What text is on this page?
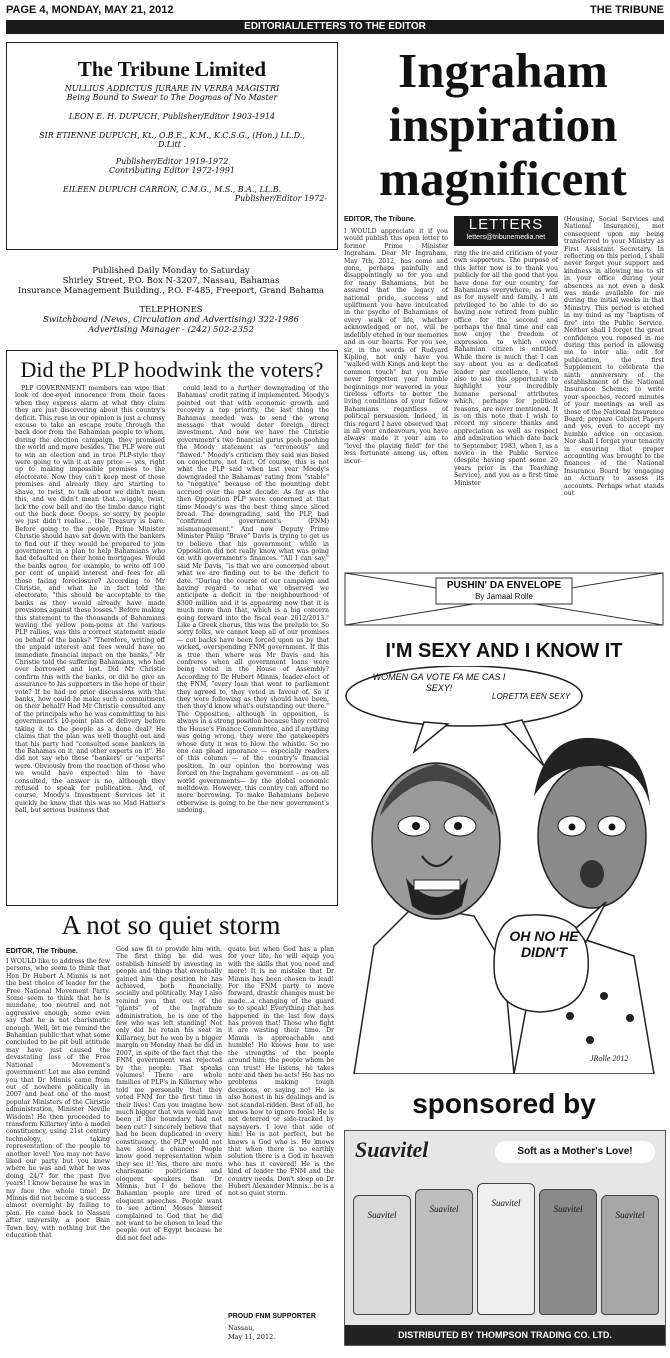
PAGE 4, MONDAY, MAY 21, 2012	THE TRIBUNE
EDITORIAL/LETTERS TO THE EDITOR
The Tribune Limited
NULLIUS ADDICTUS JURARE IN VERBA MAGISTRI
Being Bound to Swear to The Dogmas of No Master
LEON E. H. DUPUCH, Publisher/Editor 1903-1914
SIR ETIENNE DUPUCH, Kt., O.B.E., K.M., K.C.S.G., (Hon.) LL.D., D.Litt .
Publisher/Editor 1919-1972
Contributing Editor 1972-1991
EILEEN DUPUCH CARRON, C.M.G., M.S., B.A., LL.B.
Publisher/Editor 1972-
Published Daily Monday to Saturday
Shirley Street, P.O. Box N-3207, Nassau, Bahamas
Insurance Management Building., P.O. F-485, Freeport, Grand Bahama
TELEPHONES
Switchboard (News, Circulation and Advertising) 322-1986
Advertising Manager - (242) 502-2352
Did the PLP hoodwink the voters?
PLP GOVERNMENT members can wipe that look of doe-eyed innocence from their faces when they express alarm at what they claim they are just discovering about this country's deficit. This ruse in our opinion is just a clumsy excuse to take an escape route through the back door from the Bahamian people to whom, during the election campaign, they promised the world and more besides. The PLP were out to win an election and in true PLP-style they were going to win it at any price — yes, right up to making impossible promises to the electorate. Now they can't keep most of those promises and already they are starting to shave, to twist, to talk about we didn't mean this, and we didn't mean that...wiggle, twist, lick the cow bell and do the limbo dance right out the back door. Ooops, so sorry, by people we just didn't realise... the Treasury is bare. Before going to the people, Prime Minister Christie should have sat down with the bankers to find out if they would be prepared to join government in a plan to help Bahamians who had defaulted on their home mortgages. Would the banks agree, for example, to write off 100 per cent of unpaid interest and fees for all those facing foreclosure? According to Mr Christie, and what he in fact told the electorate, "this should be acceptable to the banks as they would already have made provisions against these losses." Before making this statement to the thousands of Bahamians waving the yellow pom-poms at the various PLP rallies, was this a correct statement made on behalf of the banks? "Therefore, writing off the unpaid interest and fees would have no immediate financial impact on the banks," Mr Christie told the suffering Bahamians, who had over borrowed and lost. Did Mr Christie confirm this with the banks, or did he give an assurance to his supporters in the hope of their vote? If he had no prior discussions with the banks, how could he make such a commitment on their behalf? Had Mr Christie consulted any of the principals who he was committing to his government's 10-point plan of delivery before taking it to the people as a done deal? He claims that the plan was well thought out and that his party had "consulted some bankers in the Bahamas on it, and other experts on it". He did not say who these "bankers" or "experts" were. Obviously from the reaction of those who we would have expected him to have consulted, the answer is no, although they refused to speak for publication. And, of course, Moody's Investment Services let it quickly be know that this was no Mad Hatter's ball, but serious business that
could lead to a further downgrading of the Bahamas' credit rating if implemented. Moody's pointed out that with economic growth and recovery a top priority, the last thing the Bahamas needed was to send the wrong message that would deter foreign direct investment. And now we have the Christie government's two financial gurus pooh-poohing the Moody statement as "erroneous" and "flawed." Moody's criticism they said was based on conjecture, not fact. Of course, this is not what the PLP said when last year Moody's downgraded the Bahamas' rating from "stable" to "negative" because of the mounting debt accrued over the past decade. As far as the then Opposition PLP were concerned at that time Moody's was the best thing since sliced bread. The downgrading, said the PLP, had "confirmed government's (FNM) mismanagement." And now Deputy Prime Minister Philip "Brave" Davis is trying to get us to believe that his government, while in Opposition did not really know what was going on with government's finances. "All I can say," said Mr Davis, "is that we are concerned about what we are finding out to be the deficit to date. "During the course of our campaign and having regard to what we observed we anticipate a deficit in the neighbourhood of $300 million and it is appearing now that it is much more than that, which is a big concern going forward into the fiscal year 2012/2013." Like a Greek chorus, this was the prelude to: So sorry folks, we cannot keep all of our promises — cut backs have been forced upon us by that wicked, overspending FNM government. If this is true then where was Mr Davis and his confreres when all government loans were being voted in the House of Assembly? According to Dr Hubert Minnis, leader-elect of the FNM, "every loan that went to parliament they agreed to, they voted in favour of. So if they were following as they should have been, then they'd know what's outstanding out there." The Opposition, although in opposition, is always in a strong position because they control the House's Finance Committee, and if anything was going wrong, they were the gatekeepers whose duty it was to blow the whistle. So no one can plead ignorance — especially readers of this column — of the country's financial position. In our opinion the borrowing was forced on the Ingraham government – as on all world governments— by the global economic meltdown. However, this country can afford no more borrowing. To make Bahamians believe otherwise is going to be the new government's undoing.
A not so quiet storm
EDITOR, The Tribune.
I WOULD like to address the few persons, who seem to think that Hon Dr Hubert A Minnis is not the best choice of leader for the Free National Movement Party. Some seem to think that he is mundane, too neutral and not aggressive enough, some even say that he is not charismatic enough. Well, let me remind the Bahamian public that what some concluded to be pit bull attitude may have just caused the devastating loss of the Free National Movement's government! Let me also remind you that Dr Minnis came from out of nowhere politically in 2007 and beat one of the most popular Ministers of the Christie administration, Minister Neville Wisdom! He then proceeded to transform Killarney into a model constituency, using 21st century technology, taking representation of the people to another level! You may not have liked our party but you knew where he was and what he was doing 24/7 for the past five years! I know because he was in my face the whole time! Dr Minnis did not become a success almost overnight by failing to plan. He came back to Nassau after university, a poor Bain Town boy, with nothing but the education that
God saw fit to provide him with. The first thing he did was establish himself by investing in people and things that eventually gained him the position he has achieved, both financially, socially and politically. May I also remind you that out of the "giants" of the Ingraham administration, he is one of the few who was left standing! Not only did he retain his seat in Killarney, but he won by a bigger margin on Monday than he did in 2007, in spite of the fact that the FNM government was rejected by the people. That speaks volumes! There are whole families of PLP's in Killarney who told me personally that they voted FNM for the first time in their lives! Can you imagine how much bigger that win would have been if the boundary had not been cut? I sincerely believe that had he been duplicated in every constituency, the PLP would not have stood a chance! People know good representation when they see it! Yes, there are more charismatic politicians and eloquent speakers than Dr Minnis, but I do believe the Bahamian people are tired of eloquent speeches. People want to see action! Moses himself complained to God that he did not want to be chosen to lead the people out of Egypt because he did not feel ade-
quate but when God has a plan for your life, he will equip you with the skills that you need and more! It is no mistake that Dr Minnis has been chosen to lead! For the FNM party to move forward, drastic changes must be made...a changing of the guard so to speak! Everything that has happened in the last few days has proven that! Those who fight it are wasting their time. Dr Minnis is approachable and humble! He knows how to use the strengths of the people around him; the people whom he can trust! He listens, he takes note and then he acts! He has no problems making tough decisions, or saying no! He is also honest in his dealings and is not scandal-ridden. Best of all, he knows how to ignore fools! He is not deterred or side-tracked by naysayers. I love that side of him! He is not perfect, but he knows a God who is. He knows that when there is no earthly solution there is a God in heaven who has it covered! He is the kind of leader the FNM and the country needs. Don't sleep on Dr Hubert Alexander Minnis...he is a not so quiet storm.
PROUD FNM SUPPORTER
Nassau,
May 11, 2012.
Ingraham inspiration magnificent
EDITOR, The Tribune.
I WOULD appreciate it if you would publish this open letter to former Prime Minister Ingraham. Dear Mr Ingraham, May 7th, 2012, has come and gone, perhaps painfully and disappointingly so for you and for many Bahamians, but be assured that the legacy of national pride, success and upliftment you have inculcated in the psyche of Bahamians of every walk of life, whether acknowledged or not, will be indelibly etched in our memories and in our hearts. For you see, sir, in the words of Rudyard Kipling, not only have you "walked with Kings and kept the common touch" but you have never forgotten your humble beginnings nor wavered in your tireless efforts to better the living conditions of your fellow Bahamians regardless of political persuasion. Indeed, in this regard I have observed that in all your endeavours, you have always made it your aim to "level the playing field" for the less fortunate among us, often incur-
LETTERS
letters@tribunemedia.net
ring the ire and criticism of your own supporters. The purpose of this letter now is to thank you publicly for all the good that you have done for our country, for Bahamians everywhere, as well as for myself and family. I am privileged to be able to do so having now retired from public office for the second and perhaps the final time and can now enjoy the freedom of expression to which every Bahamian citizen is entitled. While there is much that I can say about you as a dedicated leader par excellence, I wish also to use this opportunity to highlight your incredibly humane personal attributes which, perhaps for political reasons, are never mentioned. It is on this note that I wish to record my sincere thanks and appreciation as well as respect and admiration which date back to September, 1983, when I, as a novice in the Public Service (despite having spent some 20 years prior in the Teaching Service), and you as a first time Minister
(Housing, Social Services and National Insurance), met consequent upon my being transferred to your Ministry as First Assistant Secretary. In reflecting on this period, I shall never forget your support and kindness in allowing me to sit in your office during your absences as not even a desk was made available for me during the initial weeks in that Ministry. This period is etched in my mind as my "baptism of fire" into the Public Service. Neither shall I forget the great confidence you reposed in me during this period in allowing me to inter alia: edit for publication, the first Supplement to celebrate the ninth anniversary of the establishment of the National Insurance Scheme; to write your speeches, record minutes of your meetings as well as those of the National Insurance Board; prepare Cabinet Papers and yes, even to accept my humble advice on occasion. Nor shall I forget your tenacity in ensuring that proper accounting was brought to the finances of the National Insurance Board by engaging an Actuary to assess its accounts. Perhaps what stands out
PUSHIN' DA ENVELOPE
By Jamaal Rolle
I'M SEXY AND I KNOW IT
WOMEN GA VOTE FA ME CAS I SEXY!
LORETTA EEN SEXY
OH NO HE DIDN'T
JRolle 2012
sponsored by
Suavitel	Soft as a Mother's Love!
Suavitel
Suavitel
Suavitel
Suavitel
Suavitel
DISTRIBUTED BY THOMPSON TRADING CO. LTD.
